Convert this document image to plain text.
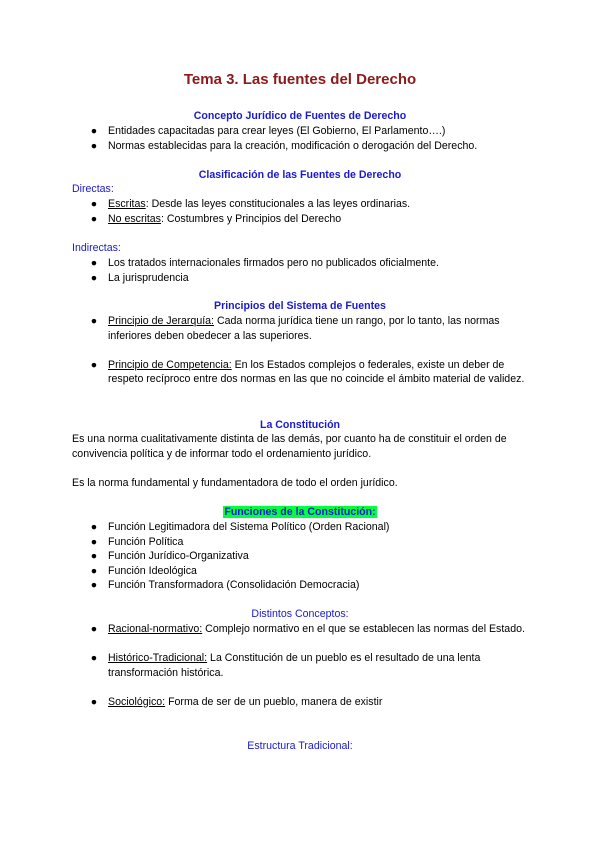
Tema 3. Las fuentes del Derecho
Concepto Jurídico de Fuentes de Derecho
● Entidades capacitadas para crear leyes (El Gobierno, El Parlamento….)
● Normas establecidas para la creación, modificación o derogación del Derecho.
Clasificación de las Fuentes de Derecho
Directas:
● Escritas: Desde las leyes constitucionales a las leyes ordinarias.
● No escritas: Costumbres y Principios del Derecho
Indirectas:
● Los tratados internacionales firmados pero no publicados oficialmente.
● La jurisprudencia
Principios del Sistema de Fuentes
● Principio de Jerarquía: Cada norma jurídica tiene un rango, por lo tanto, las normas inferiores deben obedecer a las superiores.
● Principio de Competencia: En los Estados complejos o federales, existe un deber de respeto recíproco entre dos normas en las que no coincide el ámbito material de validez.
La Constitución
Es una norma cualitativamente distinta de las demás, por cuanto ha de constituir el orden de convivencia política y de informar todo el ordenamiento jurídico.
Es la norma fundamental y fundamentadora de todo el orden jurídico.
Funciones de la Constitución:
● Función Legitimadora del Sistema Político (Orden Racional)
● Función Política
● Función Jurídico-Organizativa
● Función Ideológica
● Función Transformadora (Consolidación Democracia)
Distintos Conceptos:
● Racional-normativo: Complejo normativo en el que se establecen las normas del Estado.
● Histórico-Tradicional: La Constitución de un pueblo es el resultado de una lenta transformación histórica.
● Sociológico: Forma de ser de un pueblo, manera de existir
Estructura Tradicional:
